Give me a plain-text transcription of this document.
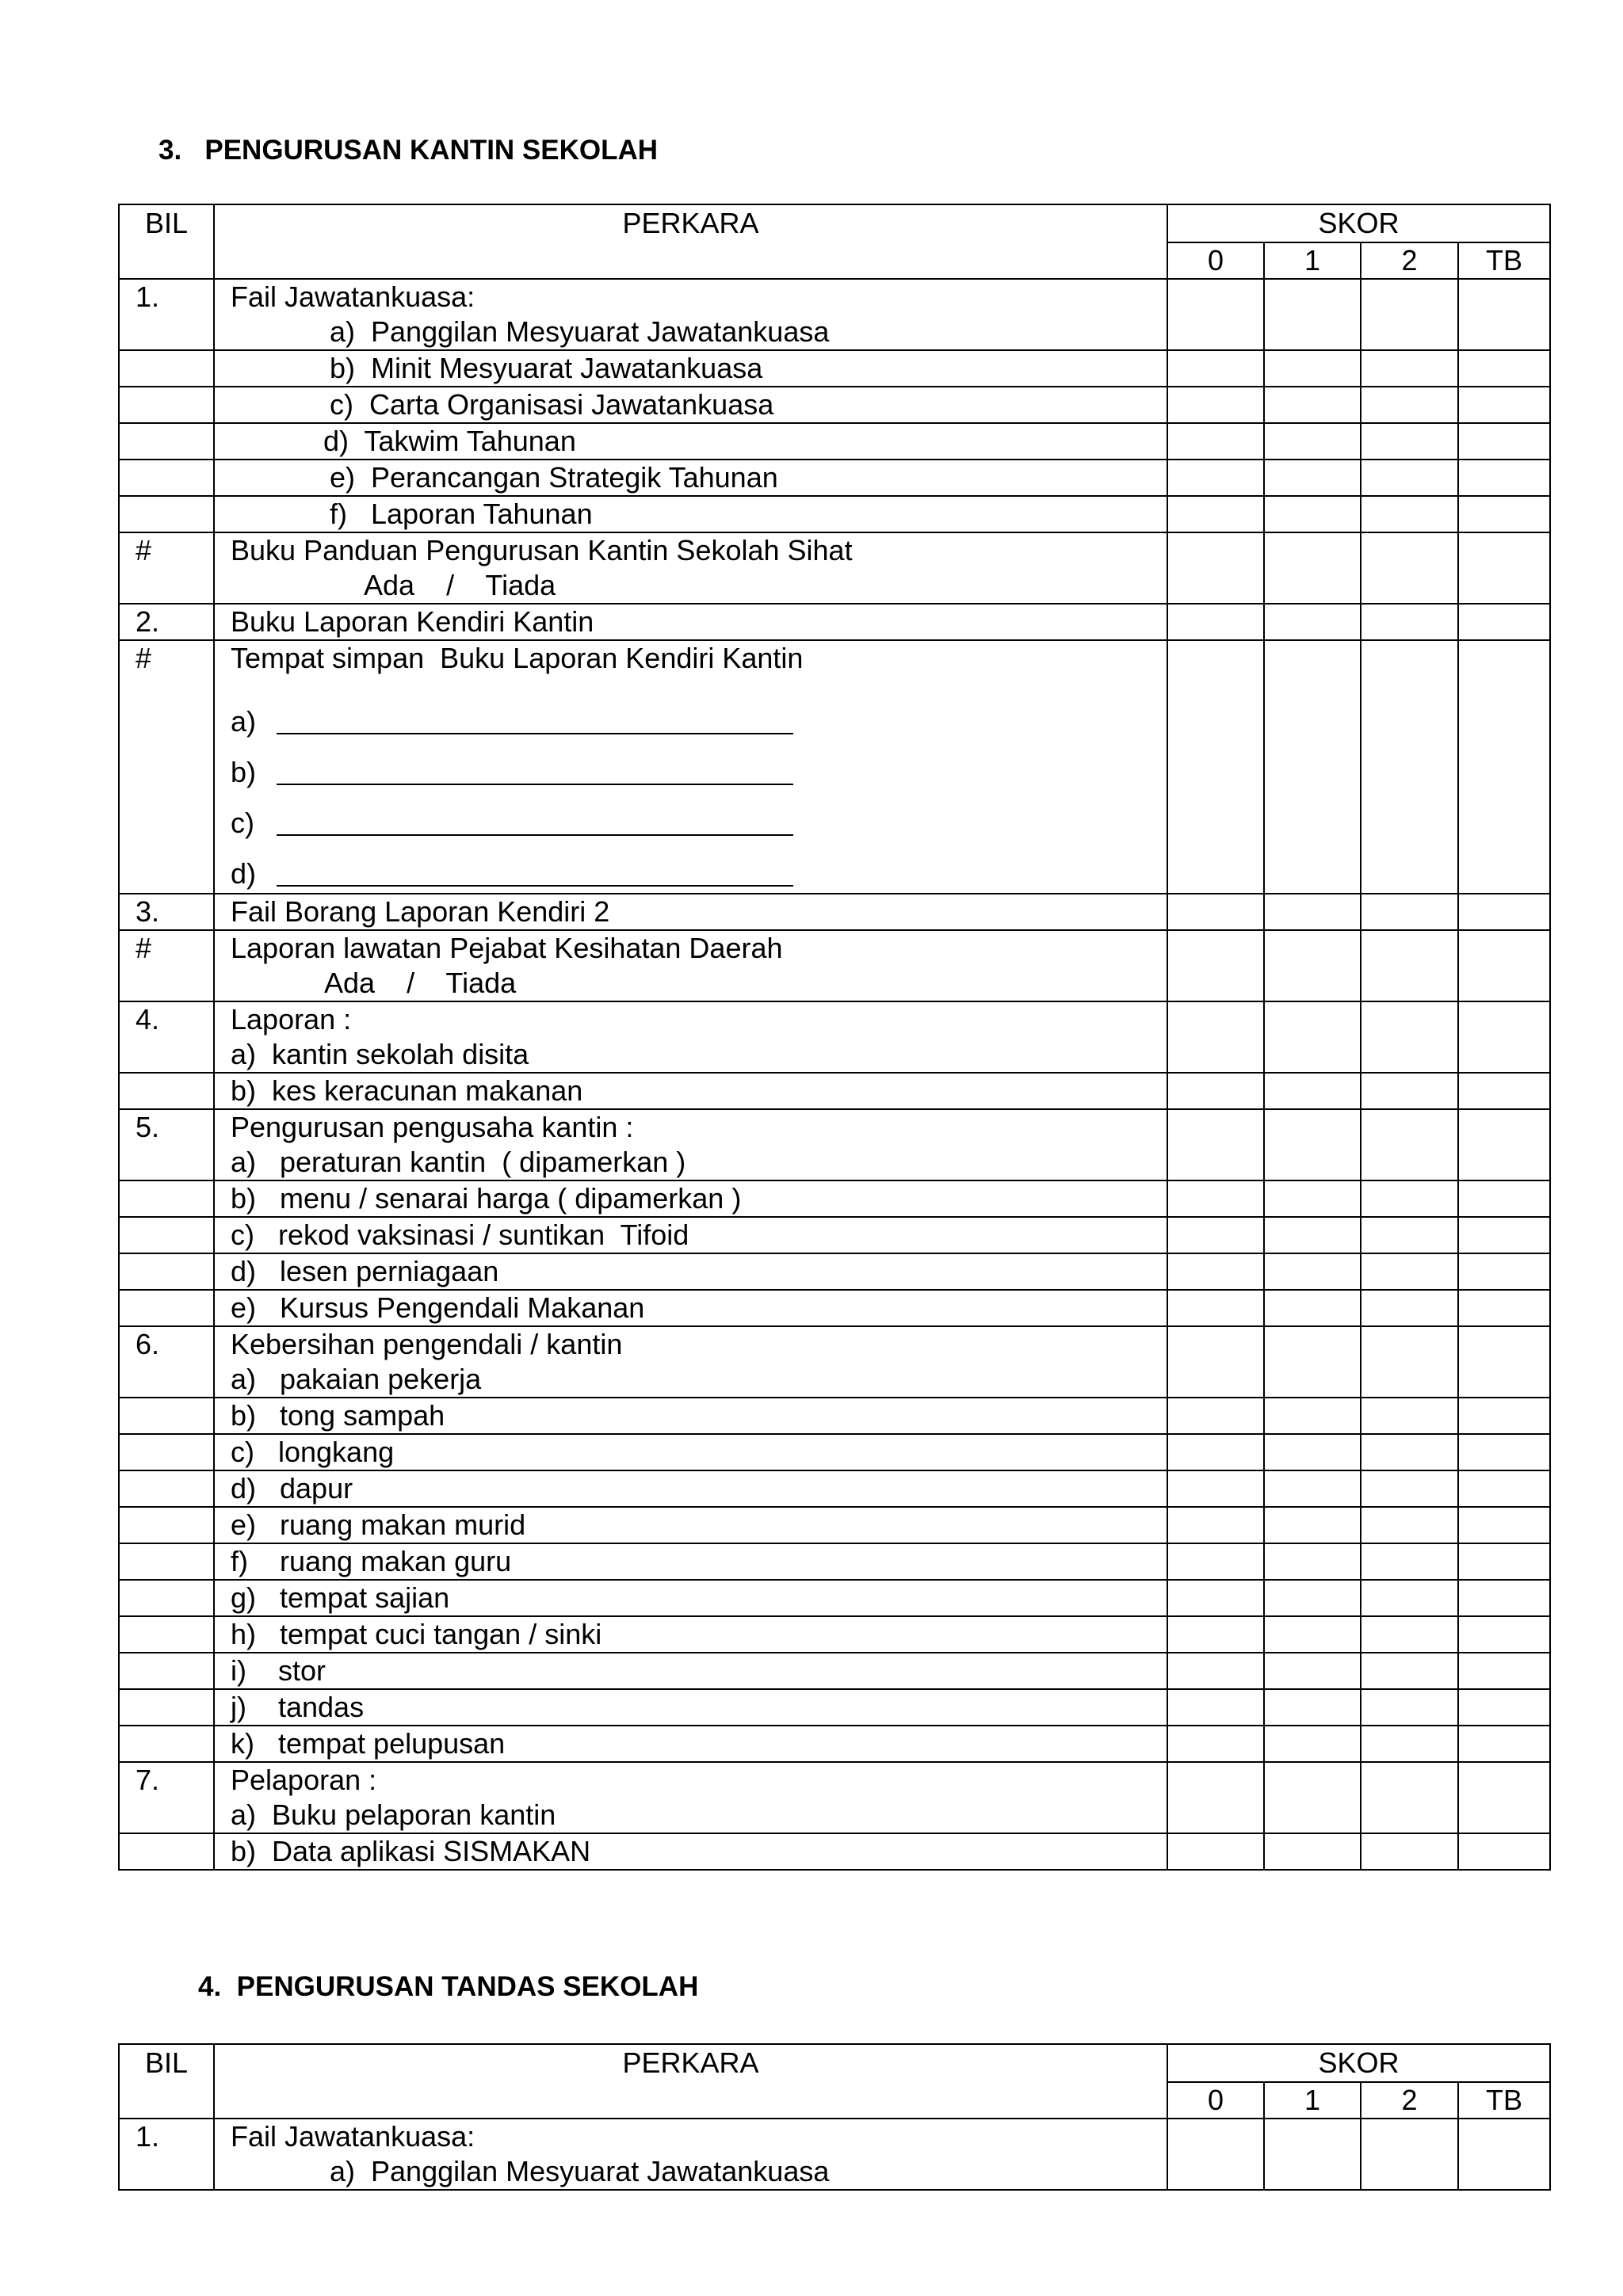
3.   PENGURUSAN KANTIN SEKOLAH
BIL	PERKARA	SKOR			
		0	1	2	TB
1.	Fail Jawatankuasa:
a)  Panggilan Mesyuarat Jawatankuasa				

	b)  Minit Mesyuarat Jawatankuasa				

	c)  Carta Organisasi Jawatankuasa				

	d)  Takwim Tahunan				

	e)  Perancangan Strategik Tahunan				

	f)   Laporan Tahunan				

#	Buku Panduan Pengurusan Kantin Sekolah Sihat
Ada    /    Tiada				

2.	Buku Laporan Kendiri Kantin				

#	Tempat simpan  Buku Laporan Kendiri Kantin
a)
b)
c)
d)				

3.	Fail Borang Laporan Kendiri 2				

#	Laporan lawatan Pejabat Kesihatan Daerah
Ada    /    Tiada				

4.	Laporan :
a)  kantin sekolah disita				

	b)  kes keracunan makanan				

5.	Pengurusan pengusaha kantin :
a)   peraturan kantin  ( dipamerkan )				

	b)   menu / senarai harga ( dipamerkan )				

	c)   rekod vaksinasi / suntikan  Tifoid				

	d)   lesen perniagaan				

	e)   Kursus Pengendali Makanan				

6.	Kebersihan pengendali / kantin
a)   pakaian pekerja				

	b)   tong sampah				

	c)   longkang				

	d)   dapur				

	e)   ruang makan murid				

	f)    ruang makan guru				

	g)   tempat sajian				

	h)   tempat cuci tangan / sinki				

	i)    stor				

	j)    tandas				

	k)   tempat pelupusan				

7.	Pelaporan :
a)  Buku pelaporan kantin				

	b)  Data aplikasi SISMAKAN				

4.  PENGURUSAN TANDAS SEKOLAH
BIL	PERKARA	SKOR			
		0	1	2	TB
1.	Fail Jawatankuasa:
a)  Panggilan Mesyuarat Jawatankuasa				
